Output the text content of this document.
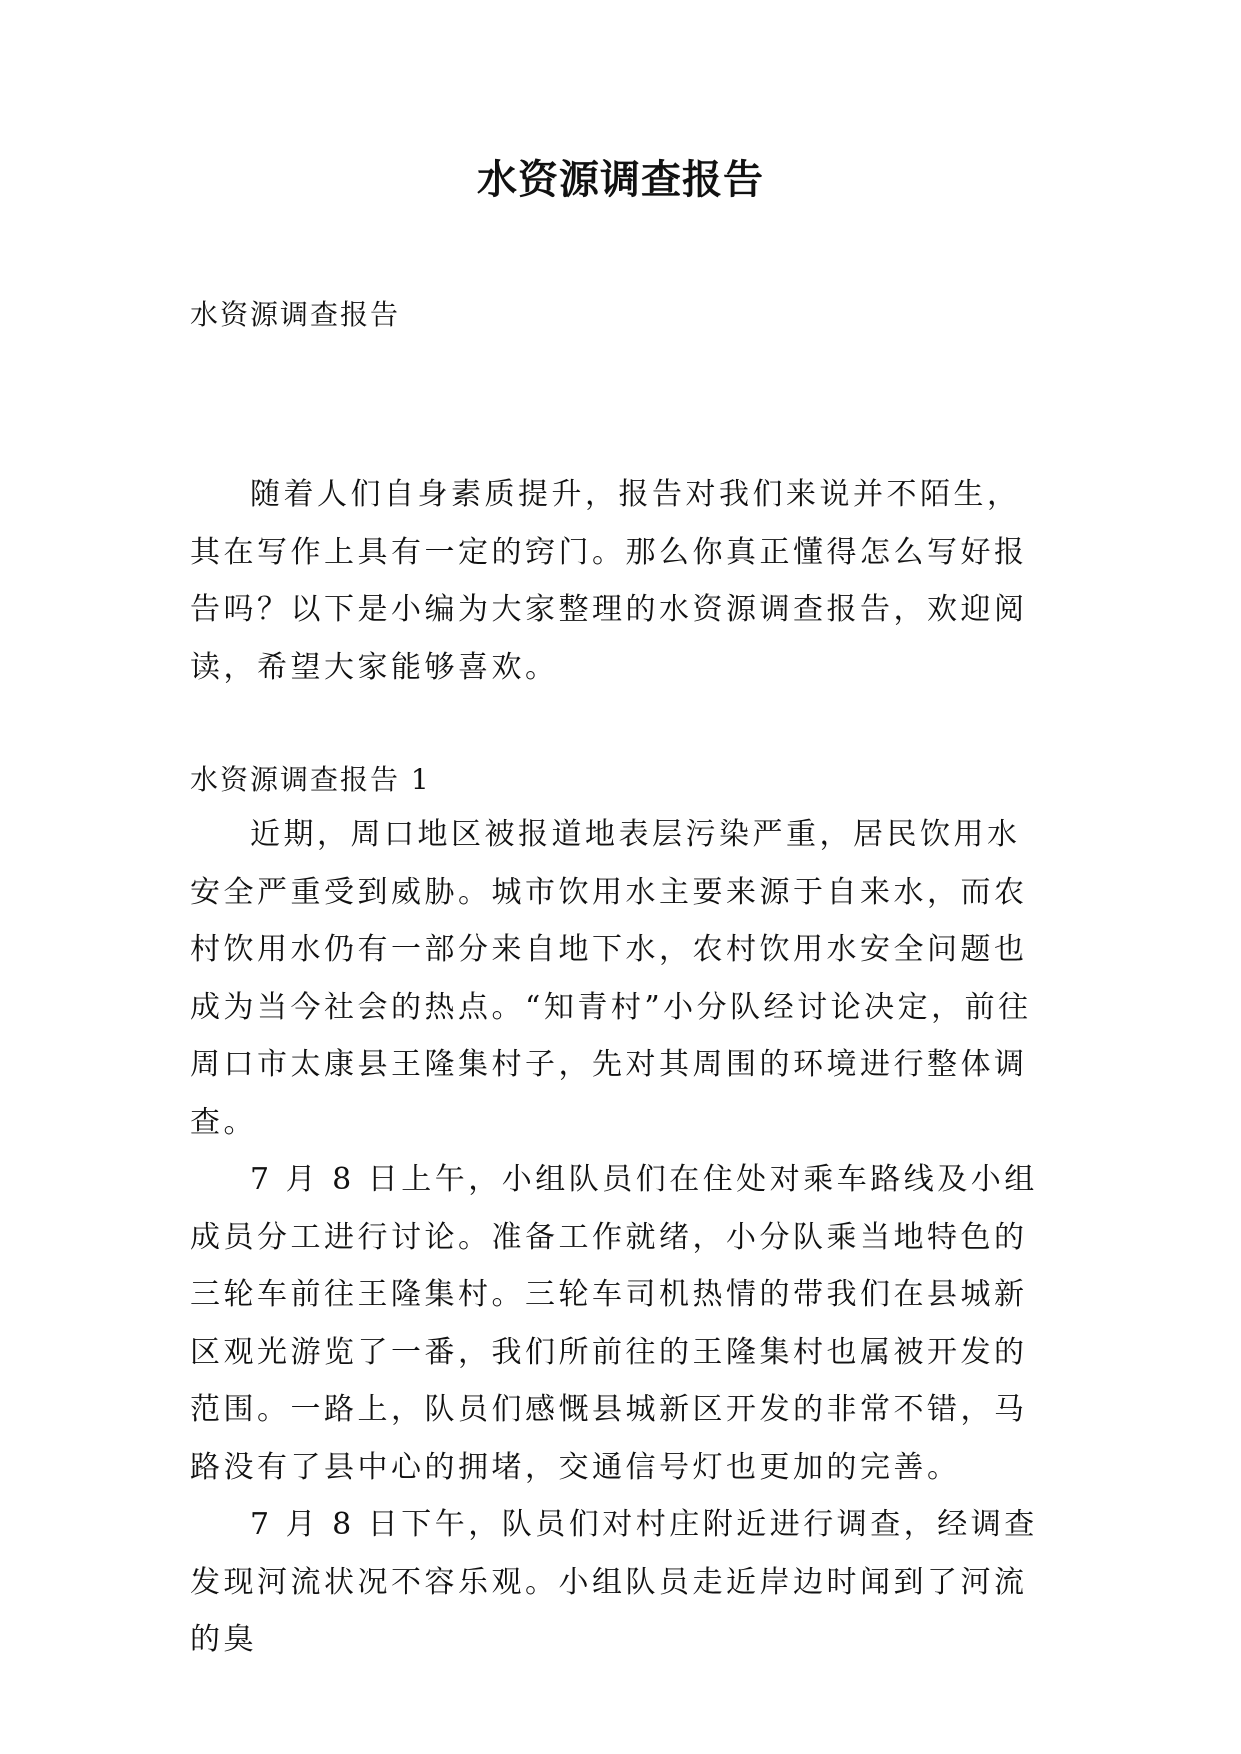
水资源调查报告
水资源调查报告

随着人们自身素质提升，报告对我们来说并不陌生，其在写作上具有一定的窍门。那么你真正懂得怎么写好报告吗？以下是小编为大家整理的水资源调查报告，欢迎阅读，希望大家能够喜欢。

水资源调查报告 1

近期，周口地区被报道地表层污染严重，居民饮用水安全严重受到威胁。城市饮用水主要来源于自来水，而农村饮用水仍有一部分来自地下水，农村饮用水安全问题也成为当今社会的热点。“知青村”小分队经讨论决定，前往周口市太康县王隆集村子，先对其周围的环境进行整体调查。

7 月 8 日上午，小组队员们在住处对乘车路线及小组成员分工进行讨论。准备工作就绪，小分队乘当地特色的三轮车前往王隆集村。三轮车司机热情的带我们在县城新区观光游览了一番，我们所前往的王隆集村也属被开发的范围。一路上，队员们感慨县城新区开发的非常不错，马路没有了县中心的拥堵，交通信号灯也更加的完善。

7 月 8 日下午，队员们对村庄附近进行调查，经调查发现河流状况不容乐观。小组队员走近岸边时闻到了河流的臭
